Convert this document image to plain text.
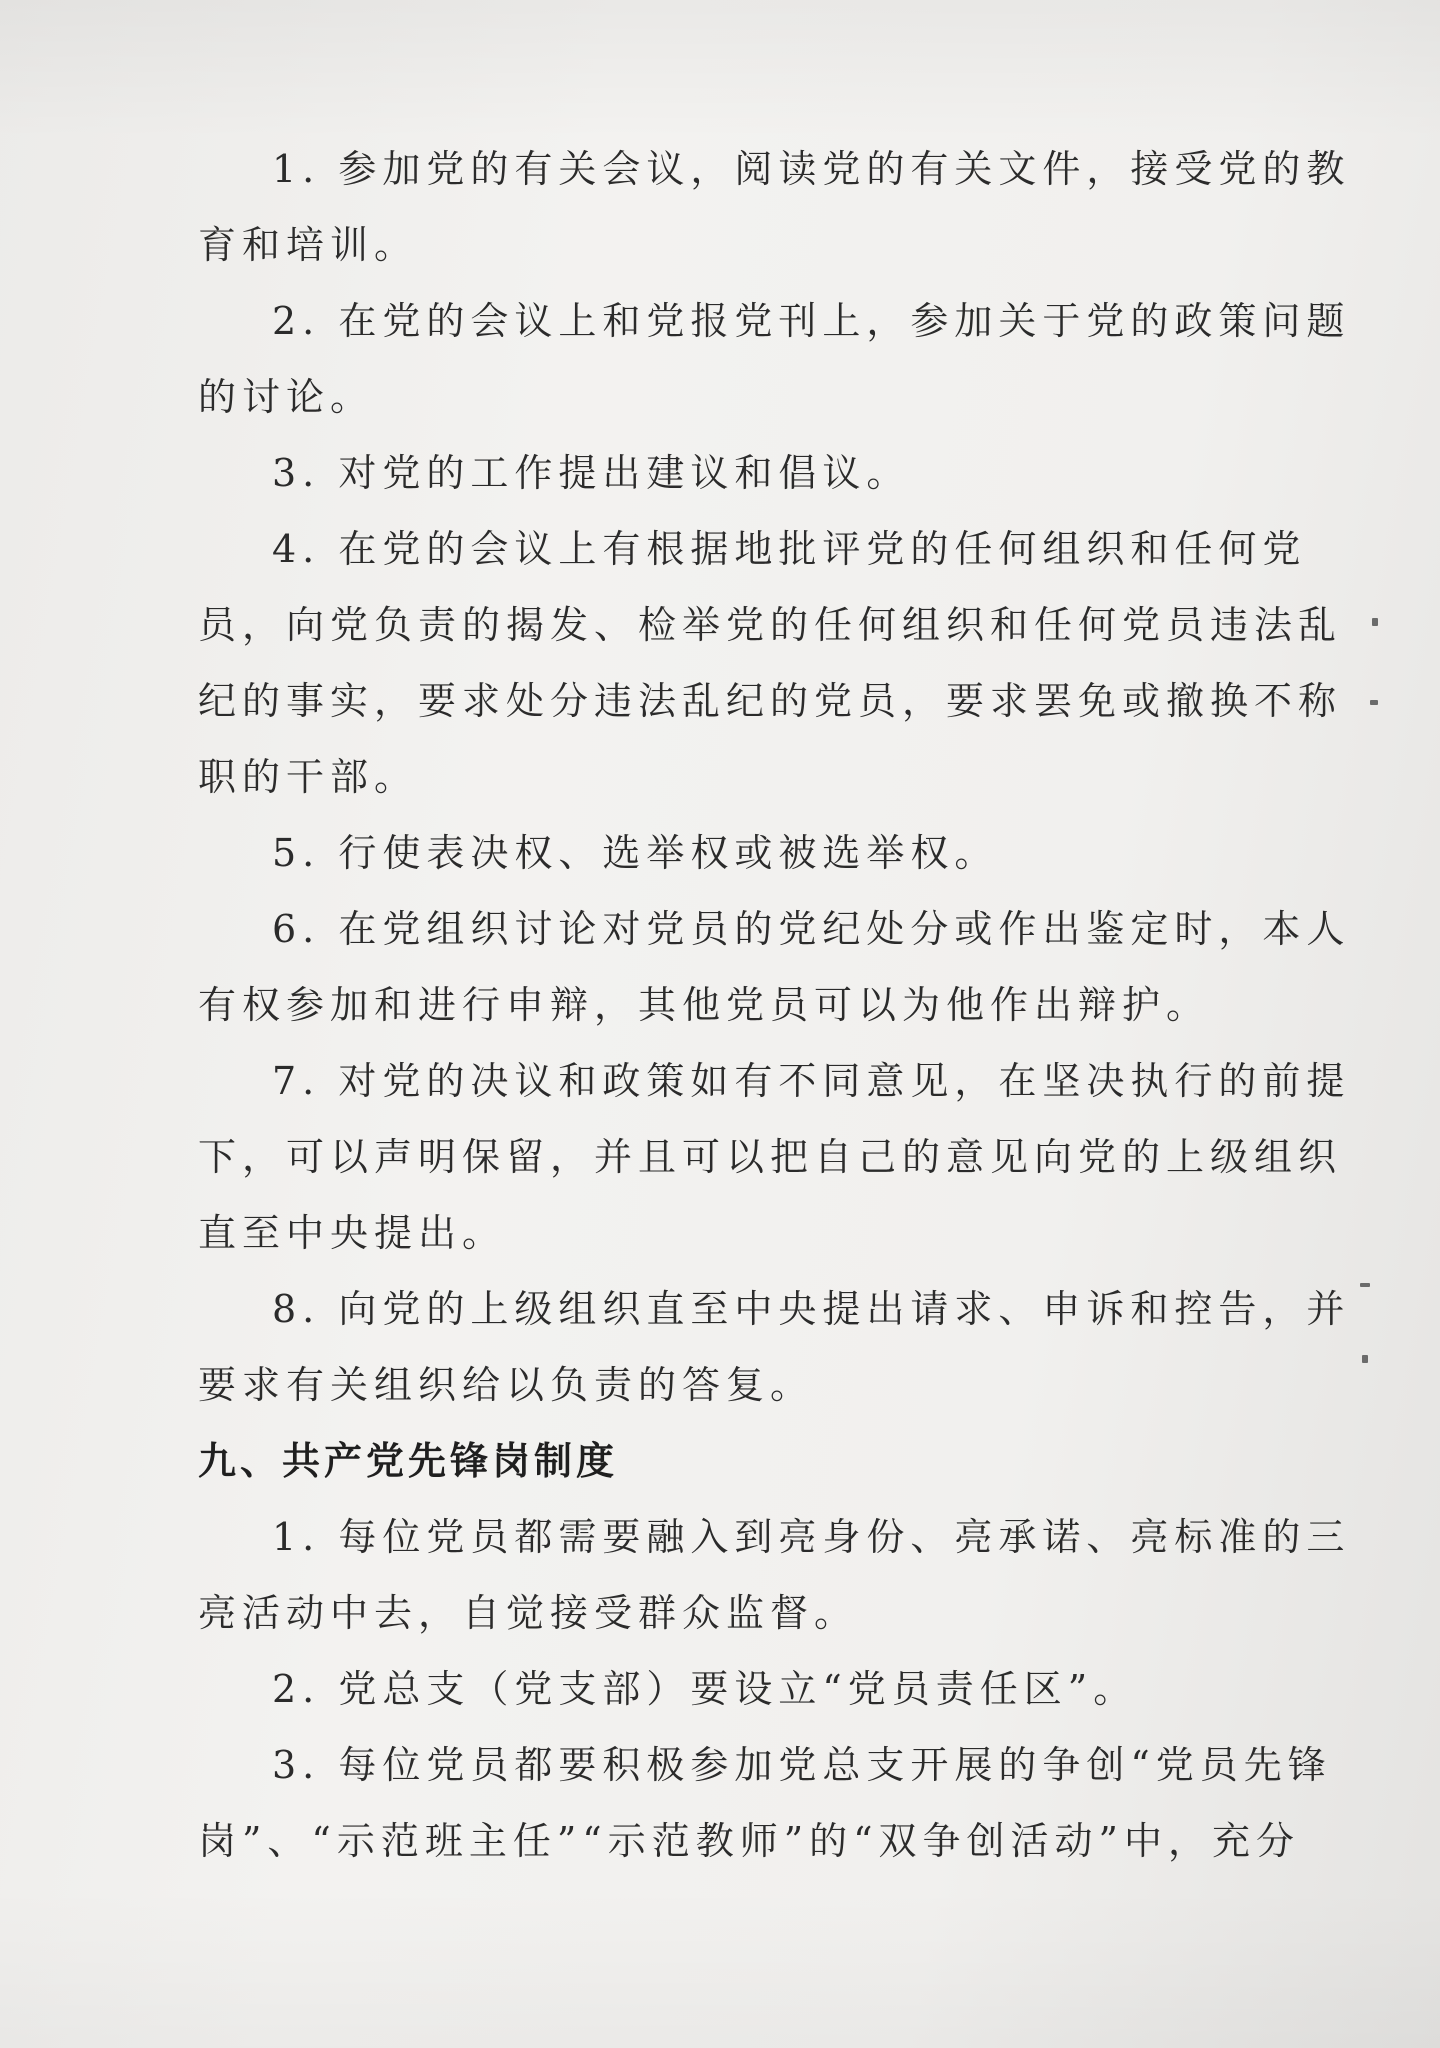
1. 参加党的有关会议，阅读党的有关文件，接受党的教
育和培训。
2. 在党的会议上和党报党刊上，参加关于党的政策问题
的讨论。
3. 对党的工作提出建议和倡议。
4. 在党的会议上有根据地批评党的任何组织和任何党
员，向党负责的揭发、检举党的任何组织和任何党员违法乱
纪的事实，要求处分违法乱纪的党员，要求罢免或撤换不称
职的干部。
5. 行使表决权、选举权或被选举权。
6. 在党组织讨论对党员的党纪处分或作出鉴定时，本人
有权参加和进行申辩，其他党员可以为他作出辩护。
7. 对党的决议和政策如有不同意见，在坚决执行的前提
下，可以声明保留，并且可以把自己的意见向党的上级组织
直至中央提出。
8. 向党的上级组织直至中央提出请求、申诉和控告，并
要求有关组织给以负责的答复。
九、共产党先锋岗制度
1. 每位党员都需要融入到亮身份、亮承诺、亮标准的三
亮活动中去，自觉接受群众监督。
2. 党总支（党支部）要设立“党员责任区”。
3. 每位党员都要积极参加党总支开展的争创“党员先锋
岗”、“示范班主任”“示范教师”的“双争创活动”中，充分
